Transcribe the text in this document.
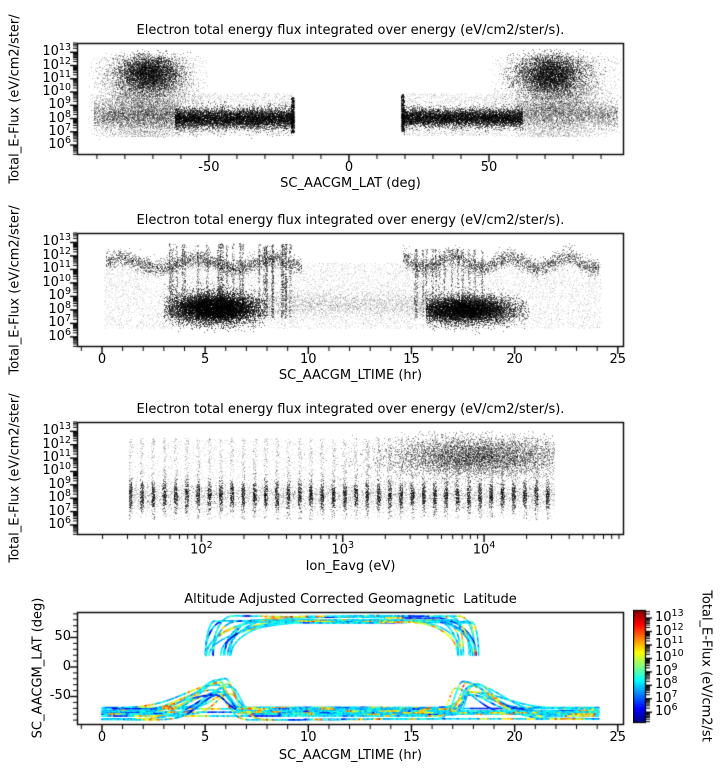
Electron total energy flux integrated over energy (eV/cm2/ster/s).
SC_AACGM_LAT (deg)
Total_E-Flux (eV/cm2/ster/
Electron total energy flux integrated over energy (eV/cm2/ster/s).
SC_AACGM_LTIME (hr)
Total_E-Flux (eV/cm2/ster/
Electron total energy flux integrated over energy (eV/cm2/ster/s).
Ion_Eavg (eV)
Total_E-Flux (eV/cm2/ster/
Altitude Adjusted Corrected Geomagnetic  Latitude
SC_AACGM_LTIME (hr)
SC_AACGM_LAT (deg)	Total_E-Flux (eV/cm2/st
-50	0	50
$10^6$
$10^7$
$10^8$
$10^9$
$10^{10}$
$10^{11}$
$10^{12}$
$10^{13}$
0	5	10	15	20	25
$10^6$
$10^7$
$10^8$
$10^9$
$10^{10}$
$10^{11}$
$10^{12}$
$10^{13}$
$10^2$	$10^3$	$10^4$
$10^6$
$10^7$
$10^8$
$10^9$
$10^{10}$
$10^{11}$
$10^{12}$
$10^{13}$
0	5	10	15	20	25
-50
0
50
$10^6$
$10^7$
$10^8$
$10^9$
$10^{10}$
$10^{11}$
$10^{12}$
$10^{13}$
